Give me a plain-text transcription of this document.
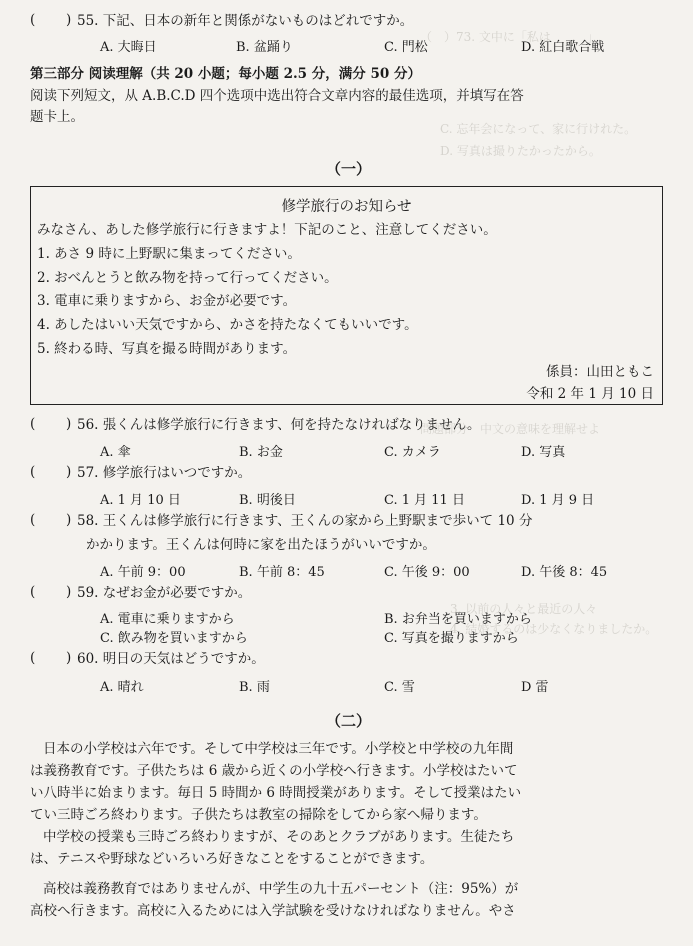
（　）73. 文中に「私は　　　」
C. 忘年会になって、家に行けれた。
D. 写真は撮りたかったから。
問題部分　中文の意味を理解せよ
3. 以前の人々と最近の人々
4. 結婚するのは少なくなりましたか。
( ) 55. 下記、日本の新年と関係がないものはどれですか。
A. 大晦日	B. 盆踊り	C. 門松	D. 紅白歌合戦
第三部分 阅读理解（共 20 小题；每小题 2.5 分，满分 50 分）
阅读下列短文，从 A.B.C.D 四个选项中选出符合文章内容的最佳选项，并填写在答
题卡上。
（一）
修学旅行のお知らせ
みなさん、あした修学旅行に行きますよ！下記のこと、注意してください。
1. あさ 9 時に上野駅に集まってください。
2. おべんとうと飲み物を持って行ってください。
3. 電車に乗りますから、お金が必要です。
4. あしたはいい天気ですから、かさを持たなくてもいいです。
5. 終わる時、写真を撮る時間があります。
係員：山田ともこ
令和 2 年 1 月 10 日
( ) 56. 張くんは修学旅行に行きます、何を持たなければなりません。
A. 傘	B. お金	C. カメラ	D. 写真
( ) 57. 修学旅行はいつですか。
A. 1 月 10 日	B. 明後日	C. 1 月 11 日	D. 1 月 9 日
( ) 58. 王くんは修学旅行に行きます、王くんの家から上野駅まで歩いて 10 分
かかります。王くんは何時に家を出たほうがいいですか。
A. 午前 9：00	B. 午前 8：45	C. 午後 9：00	D. 午後 8：45
( ) 59. なぜお金が必要ですか。
A. 電車に乗りますから	B. お弁当を買いますから
C. 飲み物を買いますから	C. 写真を撮りますから
( ) 60. 明日の天気はどうですか。
A. 晴れ	B. 雨	C. 雪	D 雷
（二）
日本の小学校は六年です。そして中学校は三年です。小学校と中学校の九年間
は義務教育です。子供たちは 6 歳から近くの小学校へ行きます。小学校はたいて
い八時半に始まります。毎日 5 時間か 6 時間授業があります。そして授業はたい
てい三時ごろ終わります。子供たちは教室の掃除をしてから家へ帰ります。
中学校の授業も三時ごろ終わりますが、そのあとクラブがあります。生徒たち
は、テニスや野球などいろいろ好きなことをすることができます。
高校は義務教育ではありませんが、中学生の九十五パーセント（注：95%）が
高校へ行きます。高校に入るためには入学試験を受けなければなりません。やさ
